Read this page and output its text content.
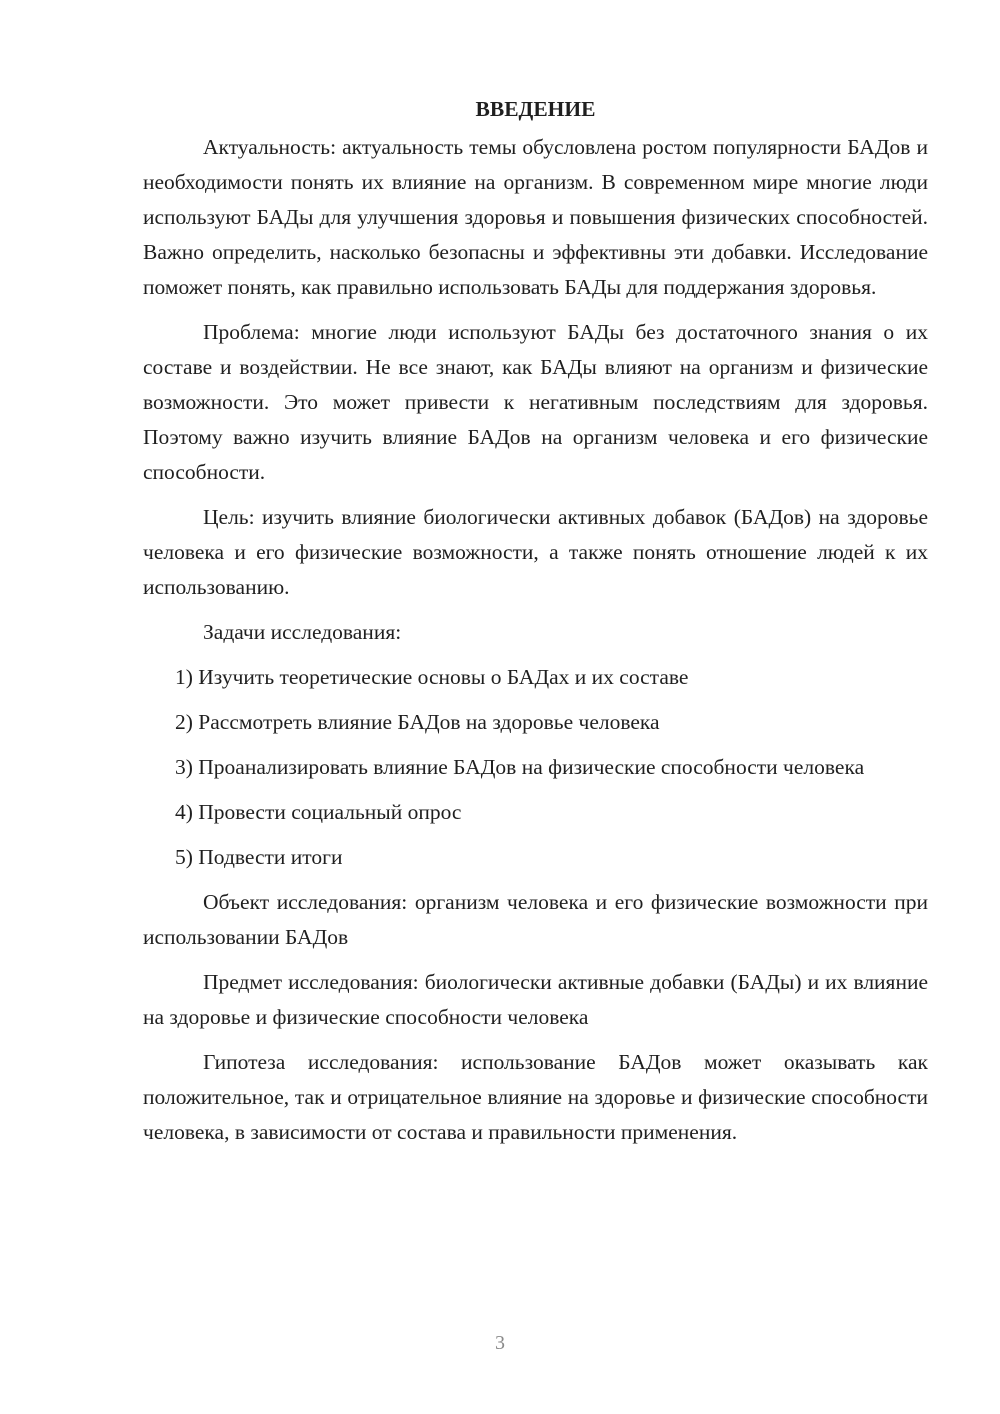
ВВЕДЕНИЕ

Актуальность: актуальность темы обусловлена ростом популярности БАДов и необходимости понять их влияние на организм. В современном мире многие люди используют БАДы для улучшения здоровья и повышения физических способностей. Важно определить, насколько безопасны и эффективны эти добавки. Исследование поможет понять, как правильно использовать БАДы для поддержания здоровья.

Проблема: многие люди используют БАДы без достаточного знания о их составе и воздействии. Не все знают, как БАДы влияют на организм и физические возможности. Это может привести к негативным последствиям для здоровья. Поэтому важно изучить влияние БАДов на организм человека и его физические способности.

Цель: изучить влияние биологически активных добавок (БАДов) на здоровье человека и его физические возможности, а также понять отношение людей к их использованию.

Задачи исследования:

1) Изучить теоретические основы о БАДах и их составе

2) Рассмотреть влияние БАДов на здоровье человека

3) Проанализировать влияние БАДов на физические способности человека

4) Провести социальный опрос

5) Подвести итоги

Объект исследования: организм человека и его физические возможности при использовании БАДов

Предмет исследования: биологически активные добавки (БАДы) и их влияние на здоровье и физические способности человека

Гипотеза исследования: использование БАДов может оказывать как положительное, так и отрицательное влияние на здоровье и физические способности человека, в зависимости от состава и правильности применения.

3
